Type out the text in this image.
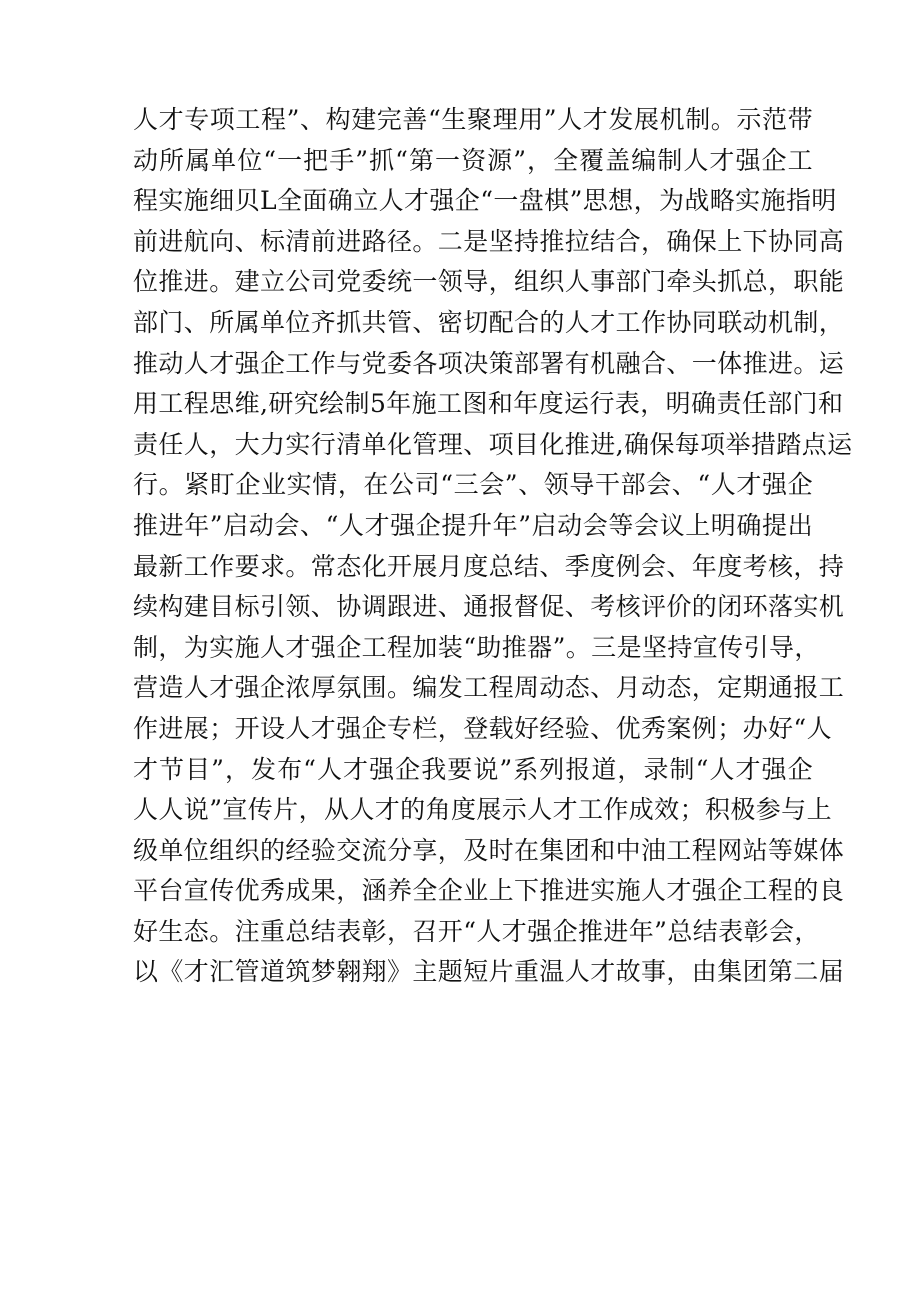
人才专项工程”、构建完善“生聚理用”人才发展机制。示范带
动所属单位“一把手”抓“第一资源”，全覆盖编制人才强企工
程实施细贝L全面确立人才强企“一盘棋”思想，为战略实施指明
前进航向、标清前进路径。二是坚持推拉结合，确保上下协同高
位推进。建立公司党委统一领导，组织人事部门牵头抓总，职能
部门、所属单位齐抓共管、密切配合的人才工作协同联动机制，
推动人才强企工作与党委各项决策部署有机融合、一体推进。运
用工程思维,研究绘制5年施工图和年度运行表，明确责任部门和
责任人，大力实行清单化管理、项目化推进,确保每项举措踏点运
行。紧盯企业实情，在公司“三会”、领导干部会、“人才强企
推进年”启动会、“人才强企提升年”启动会等会议上明确提出
最新工作要求。常态化开展月度总结、季度例会、年度考核，持
续构建目标引领、协调跟进、通报督促、考核评价的闭环落实机
制，为实施人才强企工程加装“助推器”。三是坚持宣传引导，
营造人才强企浓厚氛围。编发工程周动态、月动态，定期通报工
作进展；开设人才强企专栏，登载好经验、优秀案例；办好“人
才节目”，发布“人才强企我要说”系列报道，录制“人才强企
人人说”宣传片，从人才的角度展示人才工作成效；积极参与上
级单位组织的经验交流分享，及时在集团和中油工程网站等媒体
平台宣传优秀成果，涵养全企业上下推进实施人才强企工程的良
好生态。注重总结表彰，召开“人才强企推进年”总结表彰会，
以《才汇管道筑梦翱翔》主题短片重温人才故事，由集团第二届
